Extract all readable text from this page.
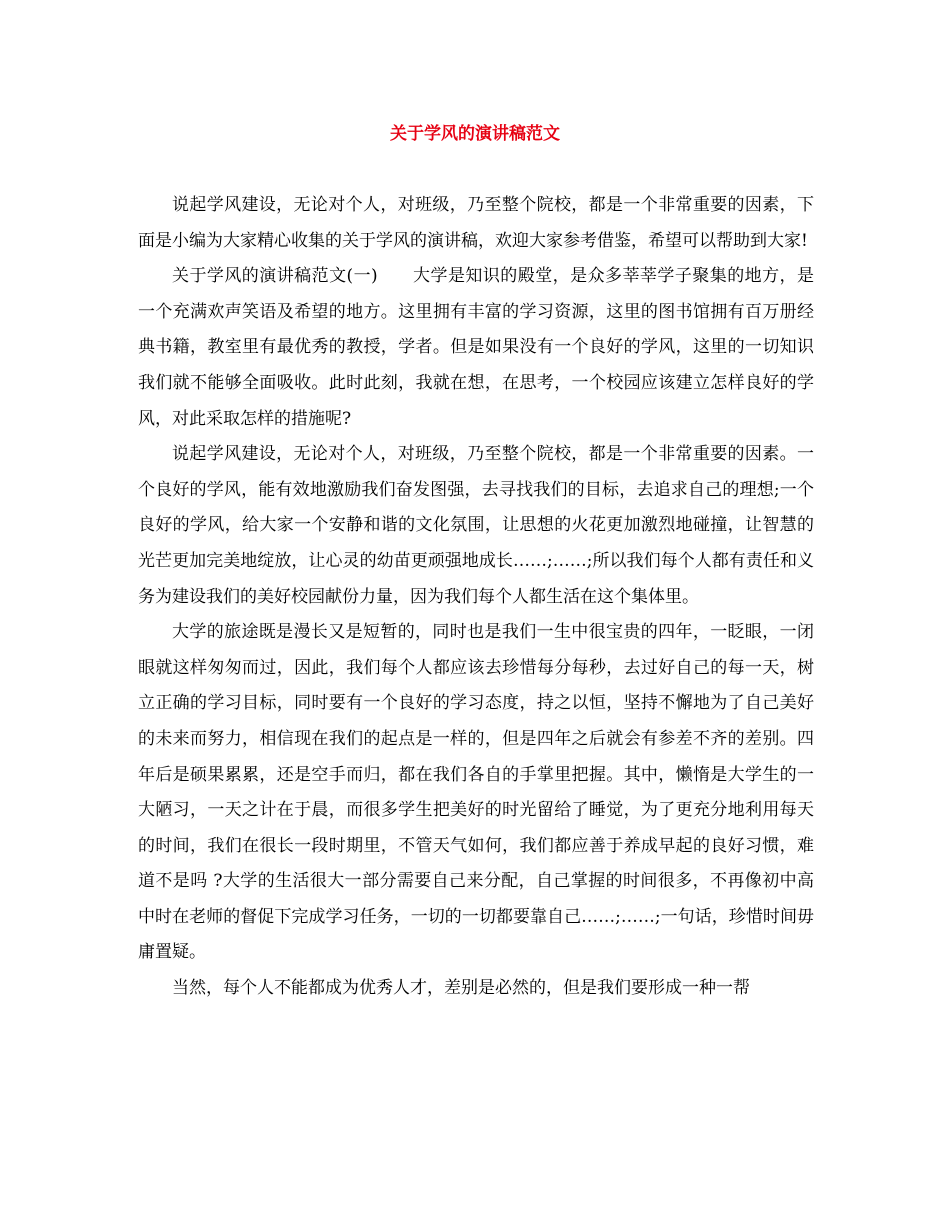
关于学风的演讲稿范文

说起学风建设，无论对个人，对班级，乃至整个院校，都是一个非常重要的因素，下面是小编为大家精心收集的关于学风的演讲稿，欢迎大家参考借鉴，希望可以帮助到大家!

关于学风的演讲稿范文(一)　　大学是知识的殿堂，是众多莘莘学子聚集的地方，是一个充满欢声笑语及希望的地方。这里拥有丰富的学习资源，这里的图书馆拥有百万册经典书籍，教室里有最优秀的教授，学者。但是如果没有一个良好的学风，这里的一切知识我们就不能够全面吸收。此时此刻，我就在想，在思考，一个校园应该建立怎样良好的学风，对此采取怎样的措施呢?

说起学风建设，无论对个人，对班级，乃至整个院校，都是一个非常重要的因素。一个良好的学风，能有效地激励我们奋发图强，去寻找我们的目标，去追求自己的理想;一个良好的学风，给大家一个安静和谐的文化氛围，让思想的火花更加激烈地碰撞，让智慧的光芒更加完美地绽放，让心灵的幼苗更顽强地成长……;……;所以我们每个人都有责任和义务为建设我们的美好校园献份力量，因为我们每个人都生活在这个集体里。

大学的旅途既是漫长又是短暂的，同时也是我们一生中很宝贵的四年，一眨眼，一闭眼就这样匆匆而过，因此，我们每个人都应该去珍惜每分每秒，去过好自己的每一天，树立正确的学习目标，同时要有一个良好的学习态度，持之以恒，坚持不懈地为了自己美好的未来而努力，相信现在我们的起点是一样的，但是四年之后就会有参差不齐的差别。四年后是硕果累累，还是空手而归，都在我们各自的手掌里把握。其中，懒惰是大学生的一大陋习，一天之计在于晨，而很多学生把美好的时光留给了睡觉，为了更充分地利用每天的时间，我们在很长一段时期里，不管天气如何，我们都应善于养成早起的良好习惯，难道不是吗 ?大学的生活很大一部分需要自己来分配，自己掌握的时间很多，不再像初中高中时在老师的督促下完成学习任务，一切的一切都要靠自己……;……;一句话，珍惜时间毋庸置疑。

当然，每个人不能都成为优秀人才，差别是必然的，但是我们要形成一种一帮
